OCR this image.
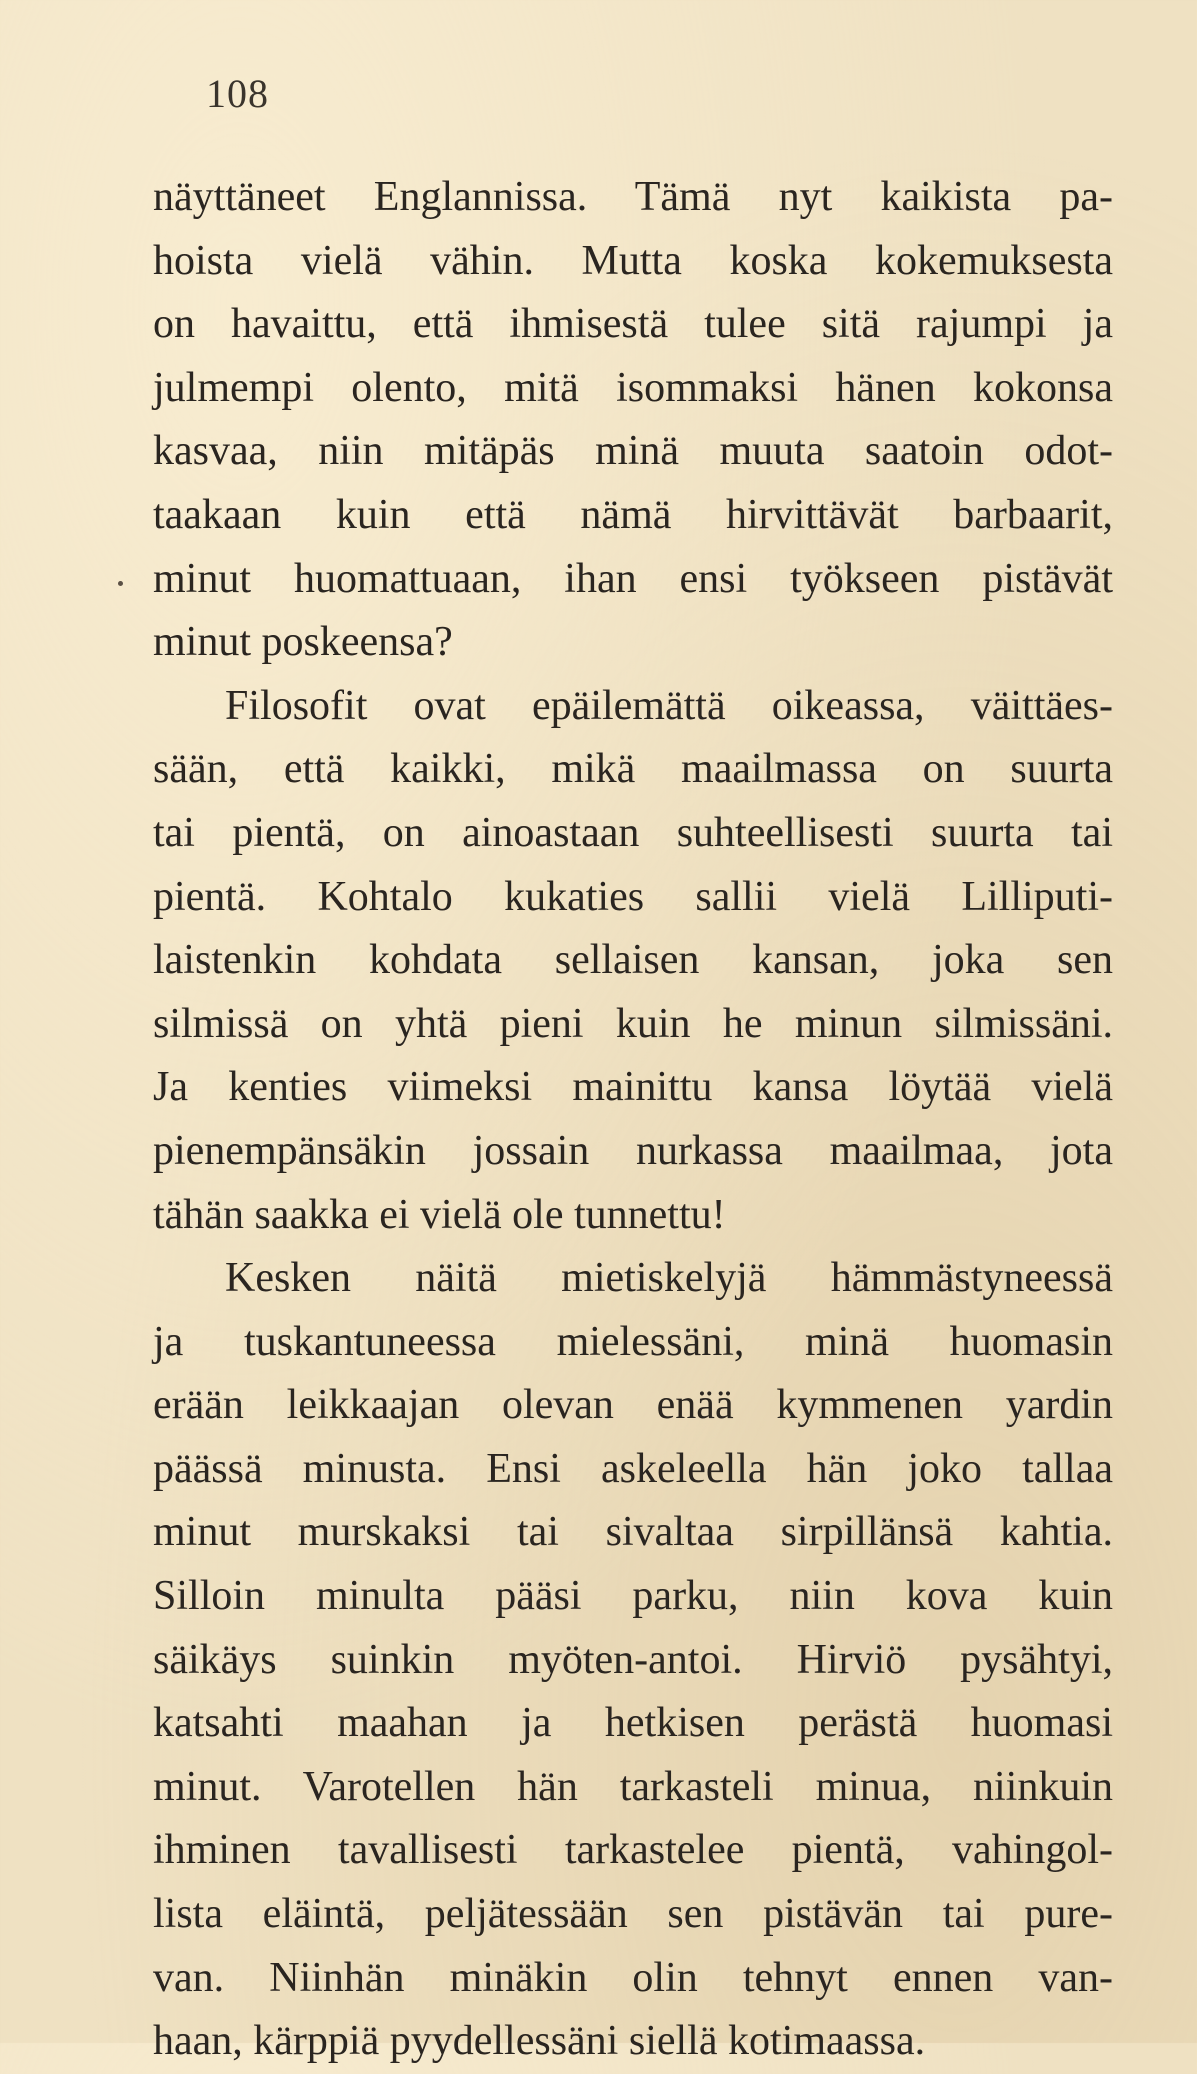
108
näyttäneet Englannissa. Tämä nyt kaikista pa-
hoista vielä vähin. Mutta koska kokemuksesta
on havaittu, että ihmisestä tulee sitä rajumpi ja
julmempi olento, mitä isommaksi hänen kokonsa
kasvaa, niin mitäpäs minä muuta saatoin odot-
taakaan kuin että nämä hirvittävät barbaarit,
minut huomattuaan, ihan ensi työkseen pistävät
minut poskeensa?
Filosofit ovat epäilemättä oikeassa, väittäes-
sään, että kaikki, mikä maailmassa on suurta
tai pientä, on ainoastaan suhteellisesti suurta tai
pientä. Kohtalo kukaties sallii vielä Lilliputi-
laistenkin kohdata sellaisen kansan, joka sen
silmissä on yhtä pieni kuin he minun silmissäni.
Ja kenties viimeksi mainittu kansa löytää vielä
pienempänsäkin jossain nurkassa maailmaa, jota
tähän saakka ei vielä ole tunnettu!
Kesken näitä mietiskelyjä hämmästyneessä
ja tuskantuneessa mielessäni, minä huomasin
erään leikkaajan olevan enää kymmenen yardin
päässä minusta. Ensi askeleella hän joko tallaa
minut murskaksi tai sivaltaa sirpillänsä kahtia.
Silloin minulta pääsi parku, niin kova kuin
säikäys suinkin myöten-antoi. Hirviö pysähtyi,
katsahti maahan ja hetkisen perästä huomasi
minut. Varotellen hän tarkasteli minua, niinkuin
ihminen tavallisesti tarkastelee pientä, vahingol-
lista eläintä, peljätessään sen pistävän tai pure-
van. Niinhän minäkin olin tehnyt ennen van-
haan, kärppiä pyydellessäni siellä kotimaassa.
